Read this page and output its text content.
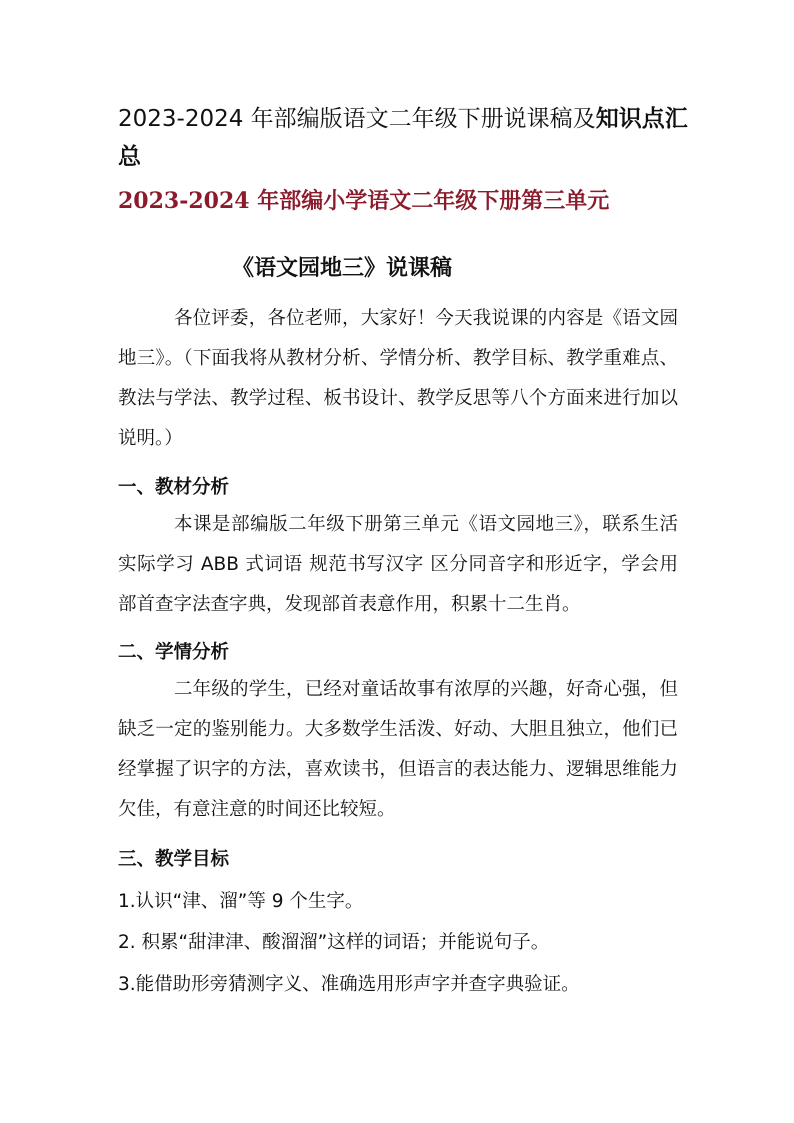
2023-2024 年部编版语文二年级下册说课稿及知识点汇总
2023-2024 年部编小学语文二年级下册第三单元
《语文园地三》说课稿

各位评委，各位老师，大家好！今天我说课的内容是《语文园地三》。（下面我将从教材分析、学情分析、教学目标、教学重难点、教法与学法、教学过程、板书设计、教学反思等八个方面来进行加以说明。）

一、教材分析

本课是部编版二年级下册第三单元《语文园地三》，联系生活实际学习 ABB 式词语 规范书写汉字 区分同音字和形近字，学会用部首查字法查字典，发现部首表意作用，积累十二生肖。

二、学情分析

二年级的学生，已经对童话故事有浓厚的兴趣，好奇心强，但缺乏一定的鉴别能力。大多数学生活泼、好动、大胆且独立，他们已经掌握了识字的方法，喜欢读书，但语言的表达能力、逻辑思维能力欠佳，有意注意的时间还比较短。

三、教学目标

1.认识“津、溜”等 9 个生字。

2. 积累“甜津津、酸溜溜”这样的词语；并能说句子。

3.能借助形旁猜测字义、准确选用形声字并查字典验证。
